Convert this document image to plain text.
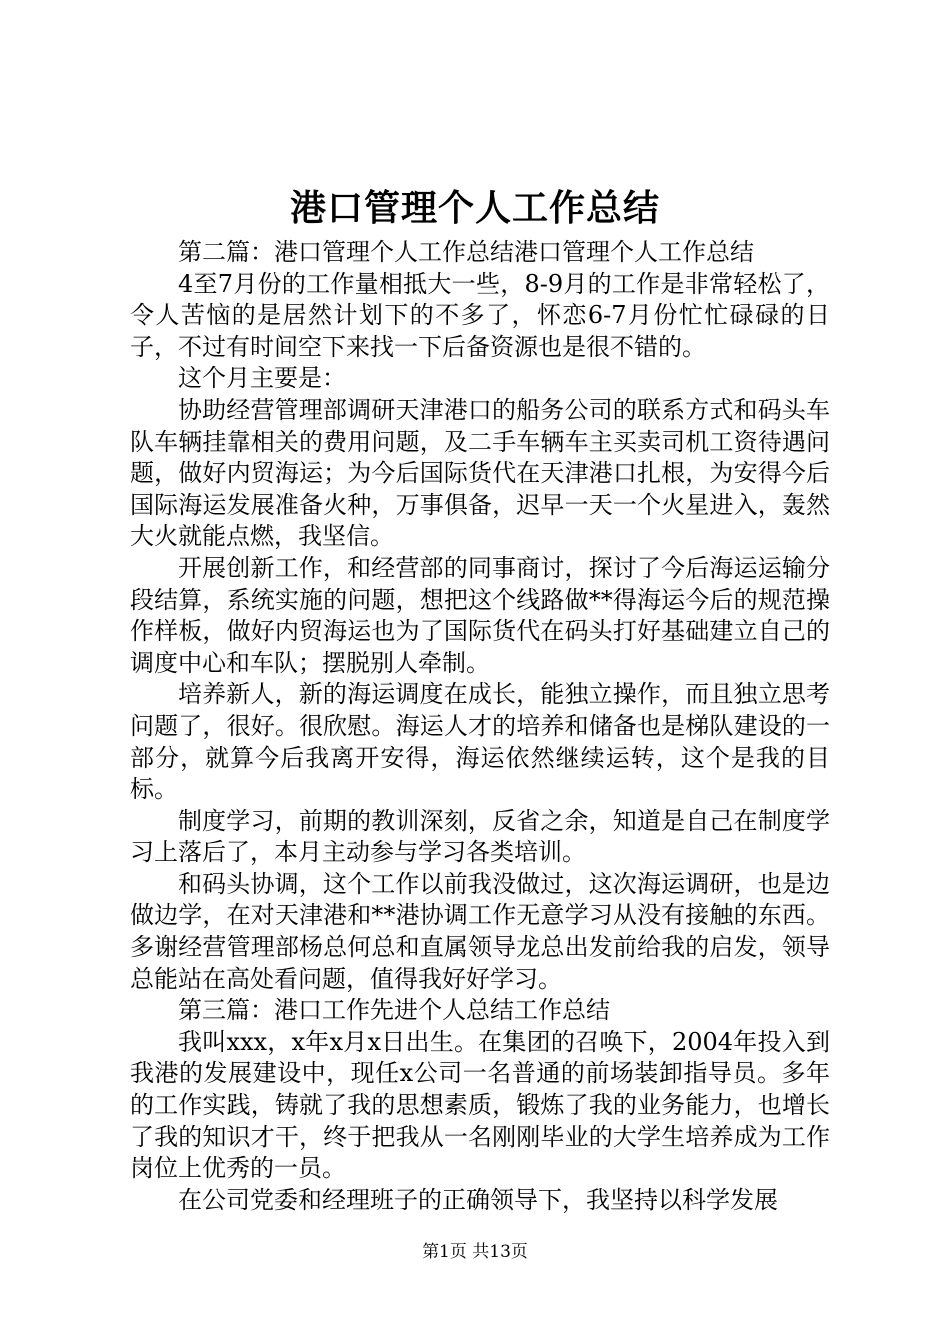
港口管理个人工作总结

第二篇：港口管理个人工作总结港口管理个人工作总结

4至7月份的工作量相抵大一些，8-9月的工作是非常轻松了，令人苦恼的是居然计划下的不多了，怀恋6-7月份忙忙碌碌的日子，不过有时间空下来找一下后备资源也是很不错的。

这个月主要是：

协助经营管理部调研天津港口的船务公司的联系方式和码头车队车辆挂靠相关的费用问题，及二手车辆车主买卖司机工资待遇问题，做好内贸海运；为今后国际货代在天津港口扎根，为安得今后国际海运发展准备火种，万事俱备，迟早一天一个火星进入，轰然大火就能点燃，我坚信。

开展创新工作，和经营部的同事商讨，探讨了今后海运运输分段结算，系统实施的问题，想把这个线路做**得海运今后的规范操作样板，做好内贸海运也为了国际货代在码头打好基础建立自己的调度中心和车队；摆脱别人牵制。

培养新人，新的海运调度在成长，能独立操作，而且独立思考问题了，很好。很欣慰。海运人才的培养和储备也是梯队建设的一部分，就算今后我离开安得，海运依然继续运转，这个是我的目标。

制度学习，前期的教训深刻，反省之余，知道是自己在制度学习上落后了，本月主动参与学习各类培训。

和码头协调，这个工作以前我没做过，这次海运调研，也是边做边学，在对天津港和**港协调工作无意学习从没有接触的东西。多谢经营管理部杨总何总和直属领导龙总出发前给我的启发，领导总能站在高处看问题，值得我好好学习。

第三篇：港口工作先进个人总结工作总结

我叫xxx，x年x月x日出生。在集团的召唤下，2004年投入到我港的发展建设中，现任x公司一名普通的前场装卸指导员。多年的工作实践，铸就了我的思想素质，锻炼了我的业务能力，也增长了我的知识才干，终于把我从一名刚刚毕业的大学生培养成为工作岗位上优秀的一员。

在公司党委和经理班子的正确领导下，我坚持以科学发展

第1页 共13页
